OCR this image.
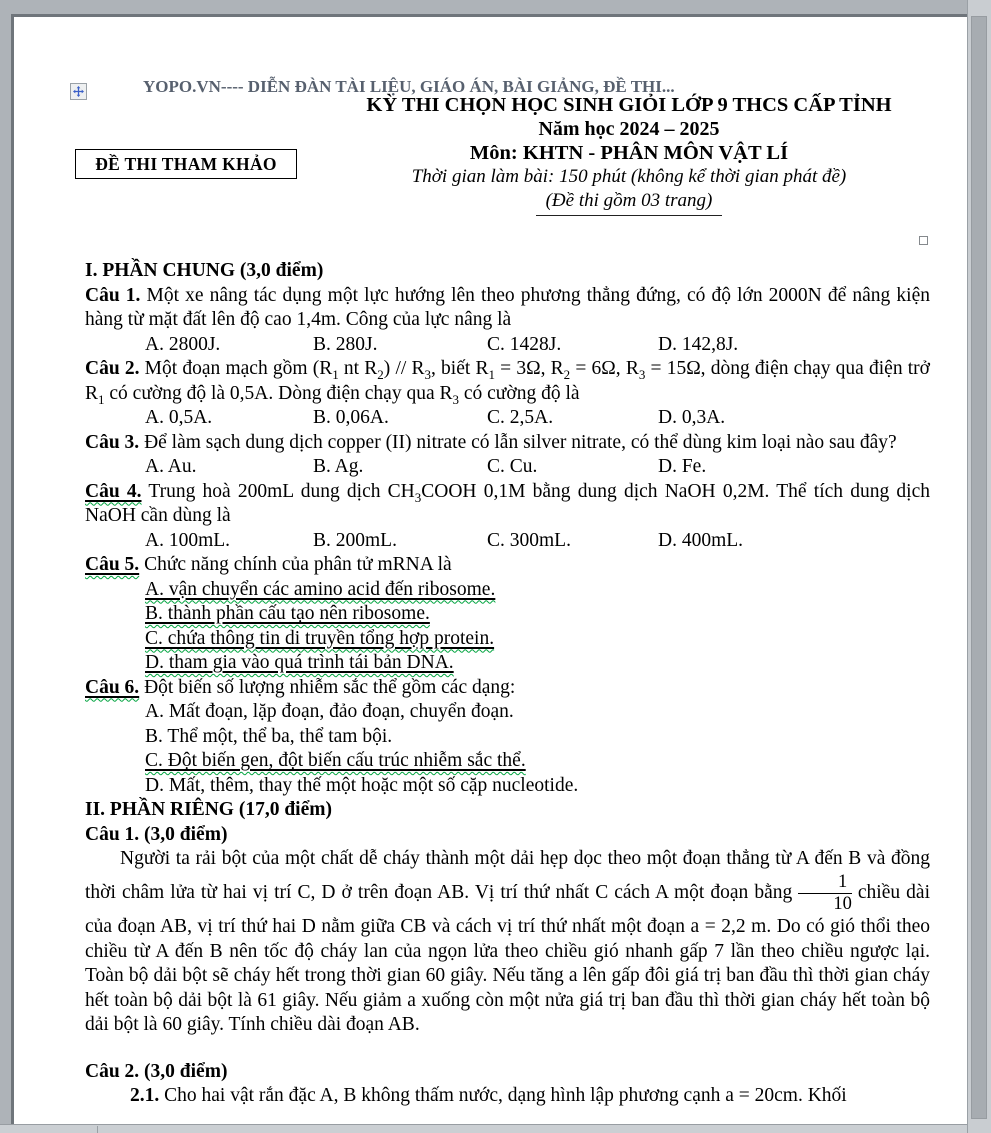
YOPO.VN---- DIỄN ĐÀN TÀI LIỆU, GIÁO ÁN, BÀI GIẢNG, ĐỀ THI...
KỲ THI CHỌN HỌC SINH GIỎI LỚP 9 THCS CẤP TỈNH
Năm học 2024 – 2025
Môn: KHTN - PHÂN MÔN VẬT LÍ
Thời gian làm bài: 150 phút (không kể thời gian phát đề)
(Đề thi gồm 03 trang)
ĐỀ THI THAM KHẢO

I. PHẦN CHUNG (3,0 điểm)

Câu 1. Một xe nâng tác dụng một lực hướng lên theo phương thẳng đứng, có độ lớn 2000N để nâng kiện hàng từ mặt đất lên độ cao 1,4m. Công của lực nâng là

A. 2800J.	B. 280J.	C. 1428J.	D. 142,8J.

Câu 2. Một đoạn mạch gồm ($R_1$ nt $R_2) // R_3$, biết $R_1 = 3\Omega$, $R_2 = 6\Omega$, $R_3 = 15\Omega$, dòng điện chạy qua điện trở $R_1$ có cường độ là 0,5A. Dòng điện chạy qua $R_3$ có cường độ là

A. 0,5A.	B. 0,06A.	C. 2,5A.	D. 0,3A.

Câu 3. Để làm sạch dung dịch copper (II) nitrate có lẫn silver nitrate, có thể dùng kim loại nào sau đây?

A. Au.	B. Ag.	C. Cu.	D. Fe.

Câu 4. Trung hoà 200mL dung dịch $CH_3COOH$ 0,1M bằng dung dịch NaOH 0,2M. Thể tích dung dịch NaOH cần dùng là

A. 100mL.	B. 200mL.	C. 300mL.	D. 400mL.

Câu 5. Chức năng chính của phân tử mRNA là

A. vận chuyển các amino acid đến ribosome.
B. thành phần cấu tạo nên ribosome.
C. chứa thông tin di truyền tổng hợp protein.
D. tham gia vào quá trình tái bản DNA.

Câu 6. Đột biến số lượng nhiễm sắc thể gồm các dạng:

A. Mất đoạn, lặp đoạn, đảo đoạn, chuyển đoạn.
B. Thể một, thể ba, thể tam bội.
C. Đột biến gen, đột biến cấu trúc nhiễm sắc thể.
D. Mất, thêm, thay thế một hoặc một số cặp nucleotide.

II. PHẦN RIÊNG (17,0 điểm)

Câu 1. (3,0 điểm)

Người ta rải bột của một chất dễ cháy thành một dải hẹp dọc theo một đoạn thẳng từ A đến B và đồng thời châm lửa từ hai vị trí C, D ở trên đoạn AB. Vị trí thứ nhất C cách A một đoạn bằng $\frac{1}{10}$ chiều dài của đoạn AB, vị trí thứ hai D nằm giữa CB và cách vị trí thứ nhất một đoạn a = 2,2 m. Do có gió thổi theo chiều từ A đến B nên tốc độ cháy lan của ngọn lửa theo chiều gió nhanh gấp 7 lần theo chiều ngược lại. Toàn bộ dải bột sẽ cháy hết trong thời gian 60 giây. Nếu tăng a lên gấp đôi giá trị ban đầu thì thời gian cháy hết toàn bộ dải bột là 61 giây. Nếu giảm a xuống còn một nửa giá trị ban đầu thì thời gian cháy hết toàn bộ dải bột là 60 giây. Tính chiều dài đoạn AB.

Câu 2. (3,0 điểm)

2.1. Cho hai vật rắn đặc A, B không thấm nước, dạng hình lập phương cạnh a = 20cm. Khối
